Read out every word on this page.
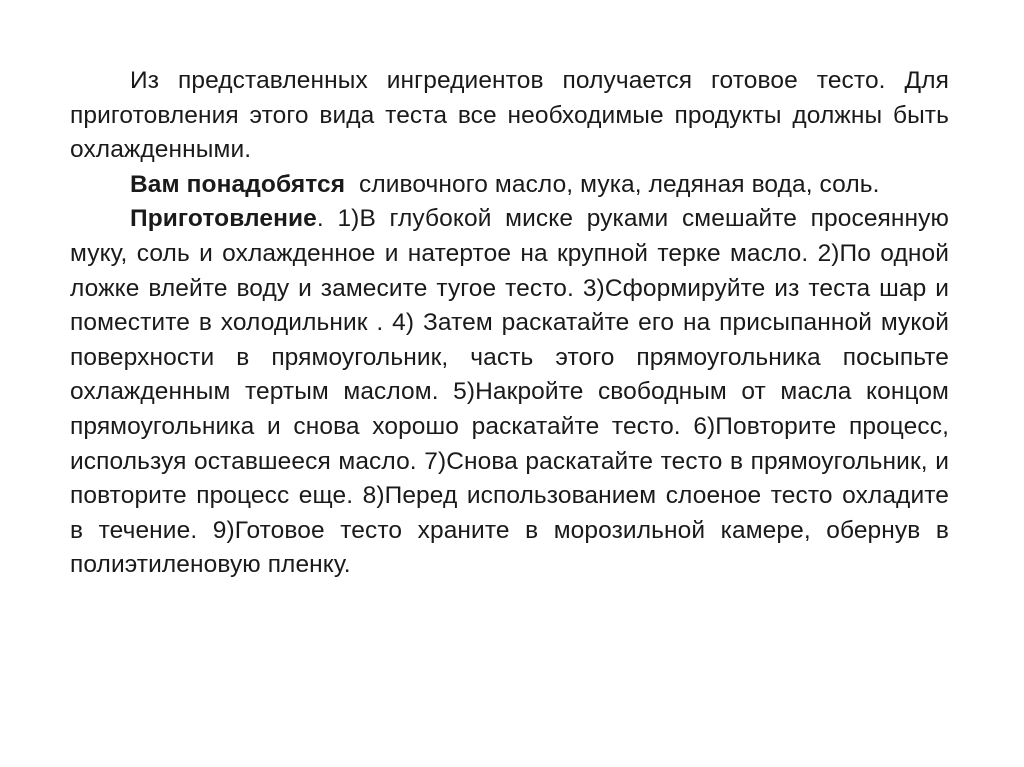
Из представленных ингредиентов получается готовое тесто. Для приготовления этого вида теста все необходимые продукты должны быть охлажденными.

Вам понадобятся  сливочного масло, мука, ледяная вода, соль.

Приготовление. 1)В глубокой миске руками смешайте просеянную муку, соль и охлажденное и натертое на крупной терке масло. 2)По одной ложке влейте воду и замесите тугое тесто. 3)Сформируйте из теста шар и поместите в холодильник . 4) Затем раскатайте его на присыпанной мукой поверхности в прямоугольник, часть этого прямоугольника посыпьте охлажденным тертым маслом. 5)Накройте свободным от масла концом прямоугольника и снова хорошо раскатайте тесто. 6)Повторите процесс, используя оставшееся масло. 7)Снова раскатайте тесто в прямоугольник, и повторите процесс еще. 8)Перед использованием слоеное тесто охладите в течение. 9)Готовое тесто храните в морозильной камере, обернув в полиэтиленовую пленку.
